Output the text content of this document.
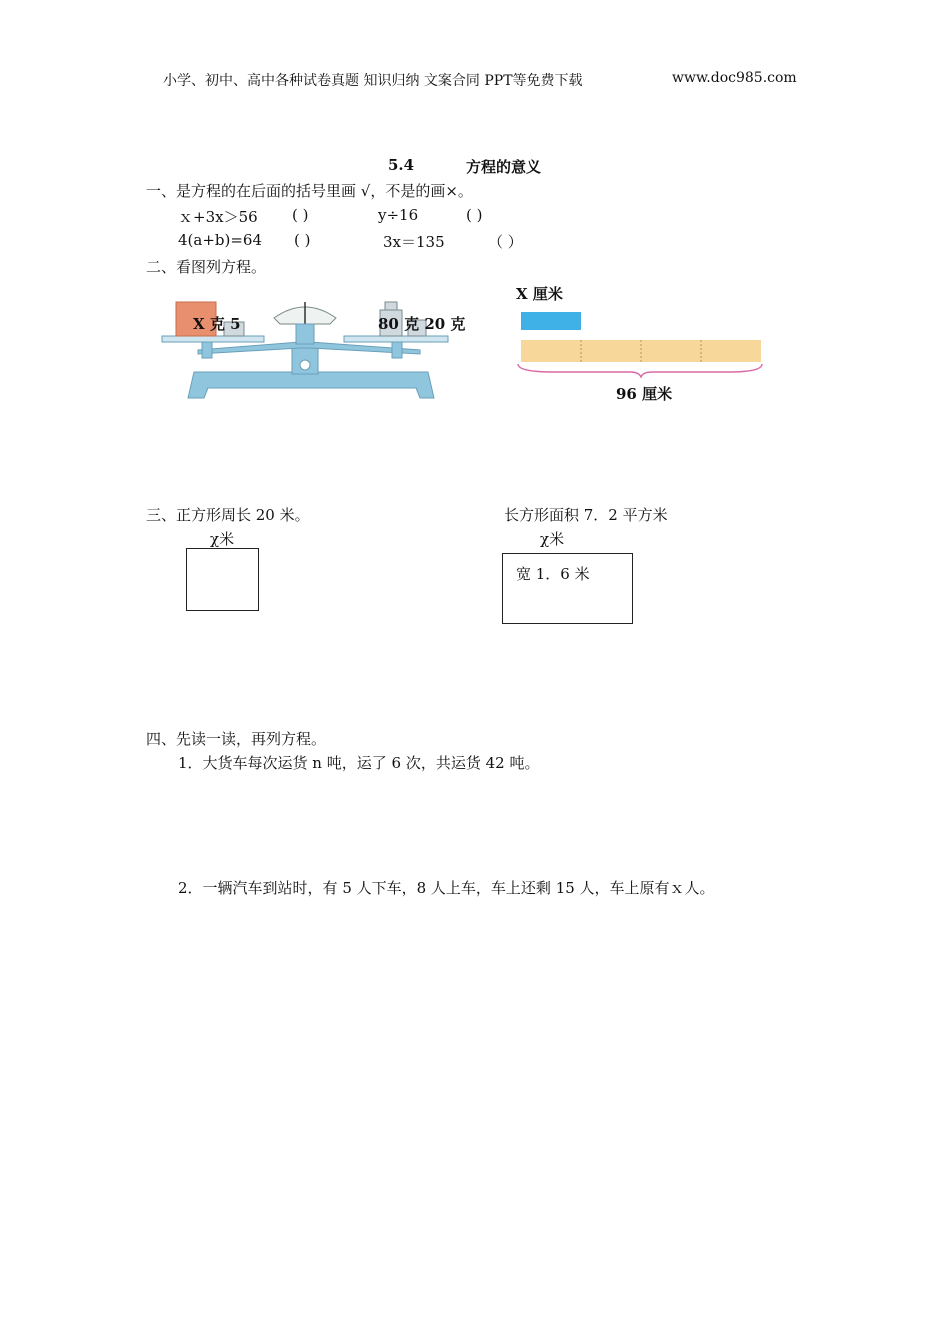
小学、初中、高中各种试卷真题 知识归纳 文案合同 PPT等免费下载	www.doc985.com
5.4	方程的意义
一、是方程的在后面的括号里画 √，不是的画×。
ｘ+3x＞56 ( )	y÷16	( )
4(a+b)=64 ( )	3x＝135	（ ）
二、看图列方程。
X 克 5	80 克 20 克
X 厘米
96 厘米
三、正方形周长 20 米。
χ米
长方形面积 7．2 平方米
χ米
宽 1．6 米
四、先读一读，再列方程。
1．大货车每次运货 n 吨，运了 6 次，共运货 42 吨。
2．一辆汽车到站时，有 5 人下车，8 人上车，车上还剩 15 人，车上原有ｘ人。
